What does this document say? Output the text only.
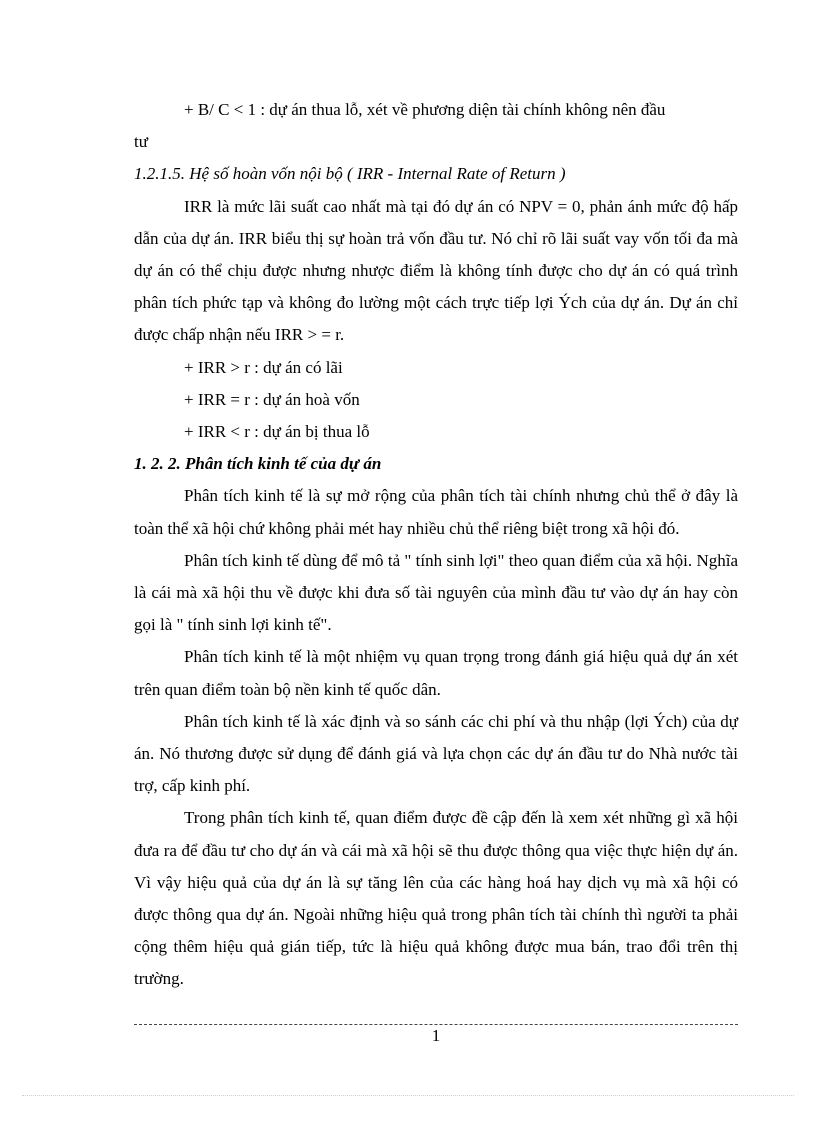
+ B/ C < 1 : dự án thua lỗ, xét về phương diện tài chính không nên đầu

tư

1.2.1.5. Hệ số hoàn vốn nội bộ ( IRR - Internal Rate of Return )

IRR là mức lãi suất cao nhất mà tại đó dự án có NPV = 0, phản ánh mức độ hấp dẫn của dự án. IRR biểu thị sự hoàn trả vốn đầu tư. Nó chỉ rõ lãi suất vay vốn tối đa mà dự án có thể chịu được nhưng nhược điểm là không tính được cho dự án có quá trình phân tích phức tạp và không đo lường một cách trực tiếp lợi Ých của dự án. Dự án chỉ được chấp nhận nếu IRR > = r.

+ IRR > r : dự án có lãi

+ IRR = r : dự án hoà vốn

+ IRR < r : dự án bị thua lỗ

1. 2. 2. Phân tích kinh tế của dự án

Phân tích kinh tế là sự mở rộng của phân tích tài chính nhưng chủ thể ở đây là toàn thể xã hội chứ không phải mét hay nhiều chủ thể riêng biệt trong xã hội đó.

Phân tích kinh tế dùng để mô tả " tính sinh lợi" theo quan điểm của xã hội. Nghĩa là cái mà xã hội thu về được khi đưa số tài nguyên của mình đầu tư vào dự án hay còn gọi là " tính sinh lợi kinh tế".

Phân tích kinh tế là một nhiệm vụ quan trọng trong đánh giá hiệu quả dự án xét trên quan điểm toàn bộ nền kinh tế quốc dân.

Phân tích kinh tế là xác định và so sánh các chi phí và thu nhập (lợi Ých) của dự án. Nó thương được sử dụng để đánh giá và lựa chọn các dự án đầu tư do Nhà nước tài trợ, cấp kinh phí.

Trong phân tích kinh tế, quan điểm được đề cập đến là xem xét những gì xã hội đưa ra để đầu tư cho dự án và cái mà xã hội sẽ thu được thông qua việc thực hiện dự án. Vì vậy hiệu quả của dự án là sự tăng lên của các hàng hoá hay dịch vụ mà xã hội có được thông qua dự án. Ngoài những hiệu quả trong phân tích tài chính thì người ta phải cộng thêm hiệu quả gián tiếp, tức là hiệu quả không được mua bán, trao đổi trên thị trường.

1
